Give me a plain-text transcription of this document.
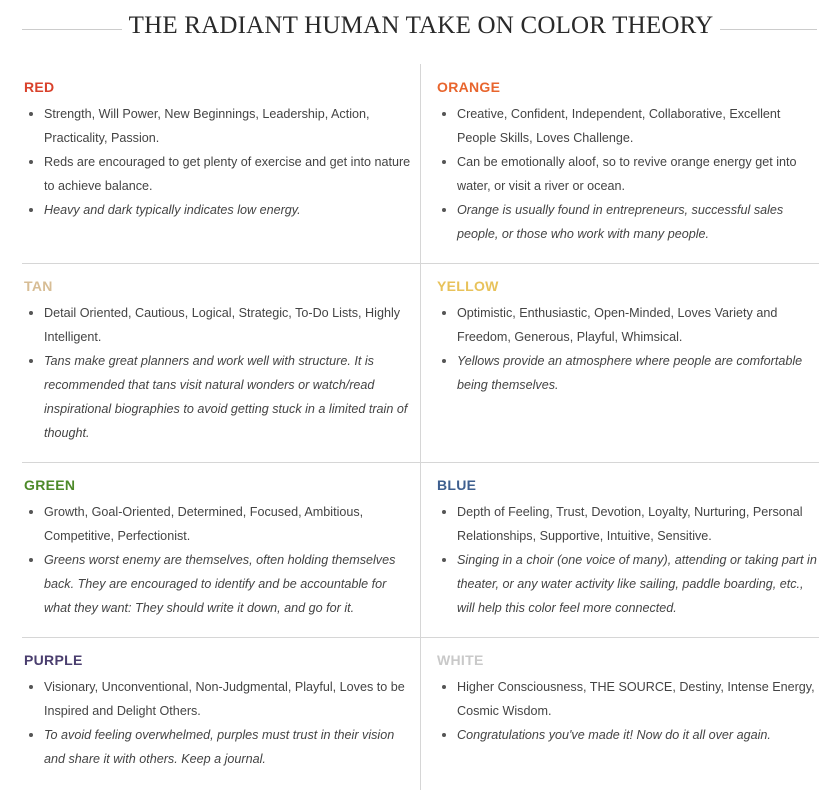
THE RADIANT HUMAN TAKE ON COLOR THEORY
RED
Strength, Will Power, New Beginnings, Leadership, Action, Practicality, Passion.
Reds are encouraged to get plenty of exercise and get into nature to achieve balance.
Heavy and dark typically indicates low energy.
ORANGE
Creative, Confident, Independent, Collaborative, Excellent People Skills, Loves Challenge.
Can be emotionally aloof, so to revive orange energy get into water, or visit a river or ocean.
Orange is usually found in entrepreneurs, successful sales people, or those who work with many people.
TAN
Detail Oriented, Cautious, Logical, Strategic, To-Do Lists, Highly Intelligent.
Tans make great planners and work well with structure. It is recommended that tans visit natural wonders or watch/read inspirational biographies to avoid getting stuck in a limited train of thought.
YELLOW
Optimistic, Enthusiastic, Open-Minded, Loves Variety and Freedom, Generous, Playful, Whimsical.
Yellows provide an atmosphere where people are comfortable being themselves.
GREEN
Growth, Goal-Oriented, Determined, Focused, Ambitious, Competitive, Perfectionist.
Greens worst enemy are themselves, often holding themselves back. They are encouraged to identify and be accountable for what they want: They should write it down, and go for it.
BLUE
Depth of Feeling, Trust, Devotion, Loyalty, Nurturing, Personal Relationships, Supportive, Intuitive, Sensitive.
Singing in a choir (one voice of many), attending or taking part in theater, or any water activity like sailing, paddle boarding, etc., will help this color feel more connected.
PURPLE
Visionary, Unconventional, Non-Judgmental, Playful, Loves to be Inspired and Delight Others.
To avoid feeling overwhelmed, purples must trust in their vision and share it with others. Keep a journal.
WHITE
Higher Consciousness, THE SOURCE, Destiny, Intense Energy, Cosmic Wisdom.
Congratulations you've made it! Now do it all over again.
